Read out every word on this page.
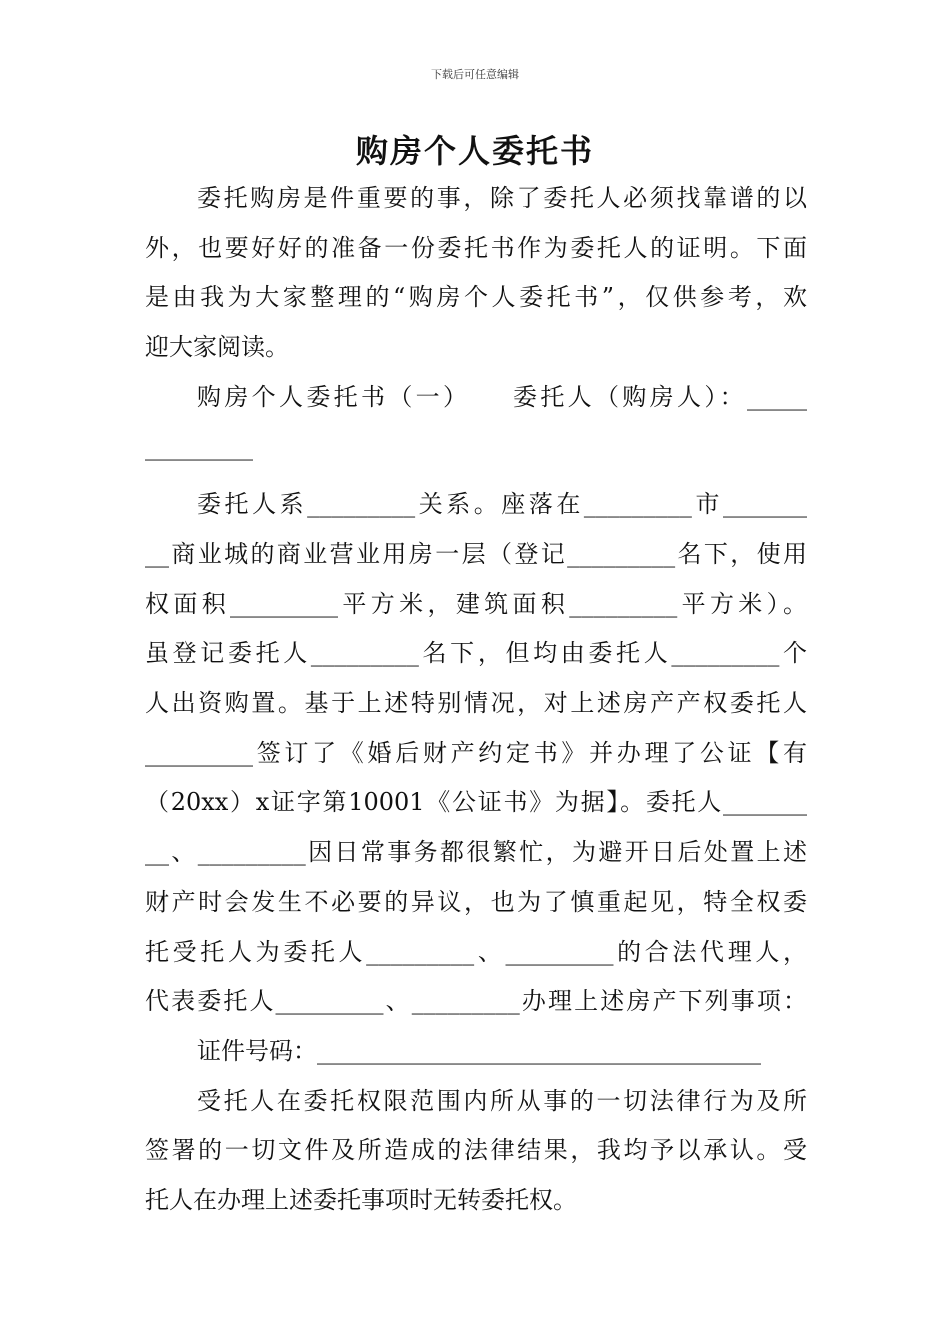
下载后可任意编辑
购房个人委托书

委托购房是件重要的事，除了委托人必须找靠谱的以
外，也要好好的准备一份委托书作为委托人的证明。下面
是由我为大家整理的“购房个人委托书”，仅供参考，欢
迎大家阅读。

购房个人委托书（一）　　委托人（购房人）：_____
_________

委托人系_________关系。座落在_________市_______
__商业城的商业营业用房一层（登记_________名下，使用
权面积_________平方米，建筑面积_________平方米）。
虽登记委托人_________名下，但均由委托人_________个
人出资购置。基于上述特别情况，对上述房产产权委托人
_________签订了《婚后财产约定书》并办理了公证【有
（20xx）x证字第10001《公证书》为据】。委托人_______
__、_________因日常事务都很繁忙，为避开日后处置上述
财产时会发生不必要的异议，也为了慎重起见，特全权委
托受托人为委托人_________、_________的合法代理人，
代表委托人_________、_________办理上述房产下列事项：

证件号码：_____________________________________

受托人在委托权限范围内所从事的一切法律行为及所
签署的一切文件及所造成的法律结果，我均予以承认。受
托人在办理上述委托事项时无转委托权。
